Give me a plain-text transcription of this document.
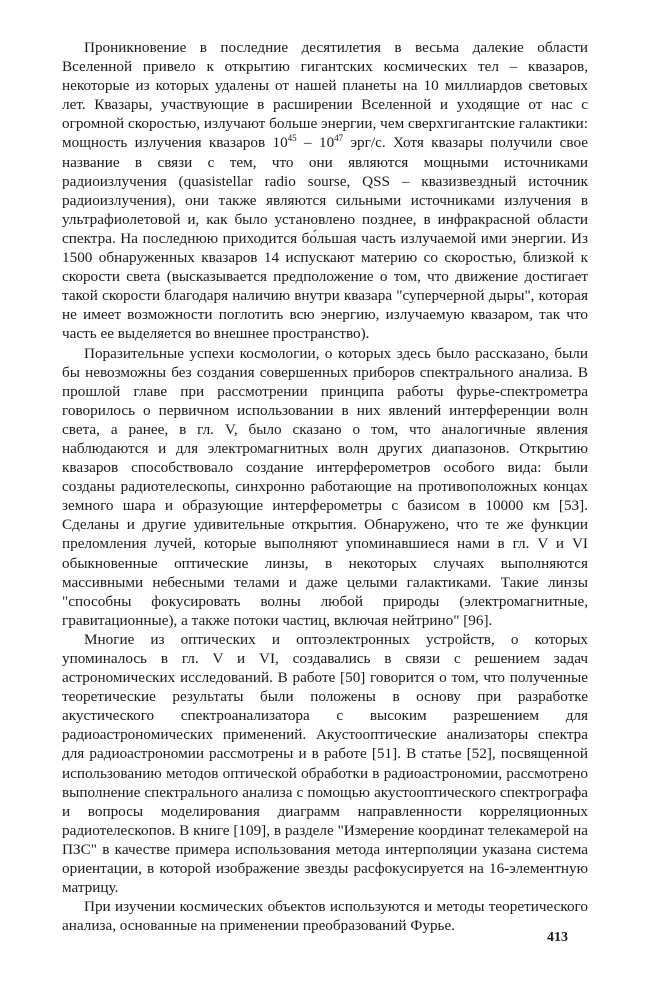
Проникновение в последние десятилетия в весьма далекие области Вселенной привело к открытию гигантских космических тел – квазаров, некоторые из которых удалены от нашей планеты на 10 миллиардов световых лет. Квазары, участвующие в расширении Вселенной и уходящие от нас с огромной скоростью, излучают больше энергии, чем сверхгигантские галактики: мощность излучения квазаров $10^{45} - 10^{47}$ эрг/с. Хотя квазары получили свое название в связи с тем, что они являются мощными источниками радиоизлучения (quasistellar radio sourse, QSS – квазизвездный источник радиоизлучения), они также являются сильными источниками излучения в ультрафиолетовой и, как было установлено позднее, в инфракрасной области спектра. На последнюю приходится бо́льшая часть излучаемой ими энергии. Из 1500 обнаруженных квазаров 14 испускают материю со скоростью, близкой к скорости света (высказывается предположение о том, что движение достигает такой скорости благодаря наличию внутри квазара "суперчерной дыры", которая не имеет возможности поглотить всю энергию, излучаемую квазаром, так что часть ее выделяется во внешнее пространство).

Поразительные успехи космологии, о которых здесь было рассказано, были бы невозможны без создания совершенных приборов спектрального анализа. В прошлой главе при рассмотрении принципа работы фурье-спектрометра говорилось о первичном использовании в них явлений интерференции волн света, а ранее, в гл. V, было сказано о том, что аналогичные явления наблюдаются и для электромагнитных волн других диапазонов. Открытию квазаров способствовало создание интерферометров особого вида: были созданы радиотелескопы, синхронно работающие на противоположных концах земного шара и образующие интерферометры с базисом в 10000 км [53]. Сделаны и другие удивительные открытия. Обнаружено, что те же функции преломления лучей, которые выполняют упоминавшиеся нами в гл. V и VI обыкновенные оптические линзы, в некоторых случаях выполняются массивными небесными телами и даже целыми галактиками. Такие линзы "способны фокусировать волны любой природы (электромагнитные, гравитационные), а также потоки частиц, включая нейтрино" [96].

Многие из оптических и оптоэлектронных устройств, о которых упоминалось в гл. V и VI, создавались в связи с решением задач астрономических исследований. В работе [50] говорится о том, что полученные теоретические результаты были положены в основу при разработке акустического спектроанализатора с высоким разрешением для радиоастрономических применений. Акустооптические анализаторы спектра для радиоастрономии рассмотрены и в работе [51]. В статье [52], посвященной использованию методов оптической обработки в радиоастрономии, рассмотрено выполнение спектрального анализа с помощью акустооптического спектрографа и вопросы моделирования диаграмм направленности корреляционных радиотелескопов. В книге [109], в разделе "Измерение координат телекамерой на ПЗС" в качестве примера использования метода интерполяции указана система ориентации, в которой изображение звезды расфокусируется на 16-элементную матрицу.

При изучении космических объектов используются и методы теоретического анализа, основанные на применении преобразований Фурье.

413
